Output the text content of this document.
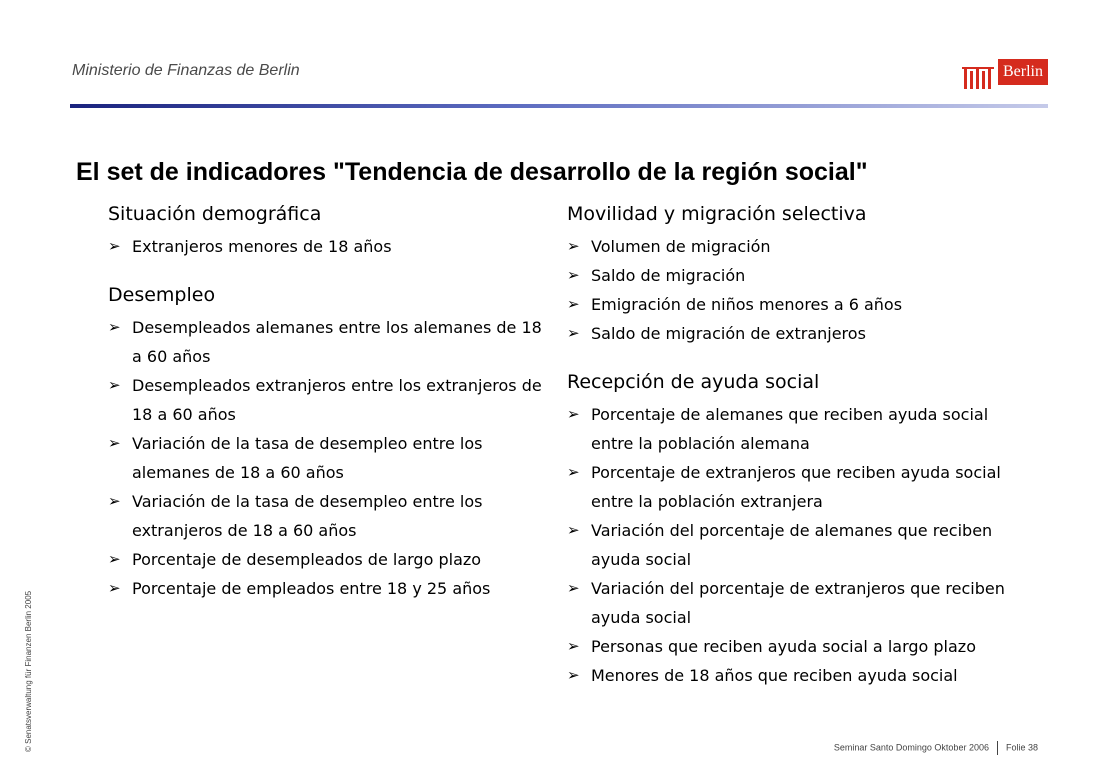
Ministerio de Finanzas de Berlin	Berlin
El set de indicadores "Tendencia de desarrollo de la región social"
Situación demográfica
➢ Extranjeros menores de 18 años
Desempleo
➢ Desempleados alemanes entre los alemanes de 18 a 60 años
➢ Desempleados extranjeros entre los extranjeros de 18 a 60 años
➢ Variación de la tasa de desempleo entre los alemanes de 18 a 60 años
➢ Variación de la tasa de desempleo entre los extranjeros de 18 a 60 años
➢ Porcentaje de desempleados de largo plazo
➢ Porcentaje de empleados entre 18 y 25 años
Movilidad y migración selectiva
➢ Volumen de migración
➢ Saldo de migración
➢ Emigración de niños menores a 6 años
➢ Saldo de migración de extranjeros
Recepción de ayuda social
➢ Porcentaje de alemanes que reciben ayuda social entre la población alemana
➢ Porcentaje de extranjeros que reciben ayuda social entre la población extranjera
➢ Variación del porcentaje de alemanes que reciben ayuda social
➢ Variación del porcentaje de extranjeros que reciben ayuda social
➢ Personas que reciben ayuda social a largo plazo
➢ Menores de 18 años que reciben ayuda social
© Senatsverwaltung für Finanzen Berlin 2005	Seminar Santo Domingo Oktober 2006 Folie 38
